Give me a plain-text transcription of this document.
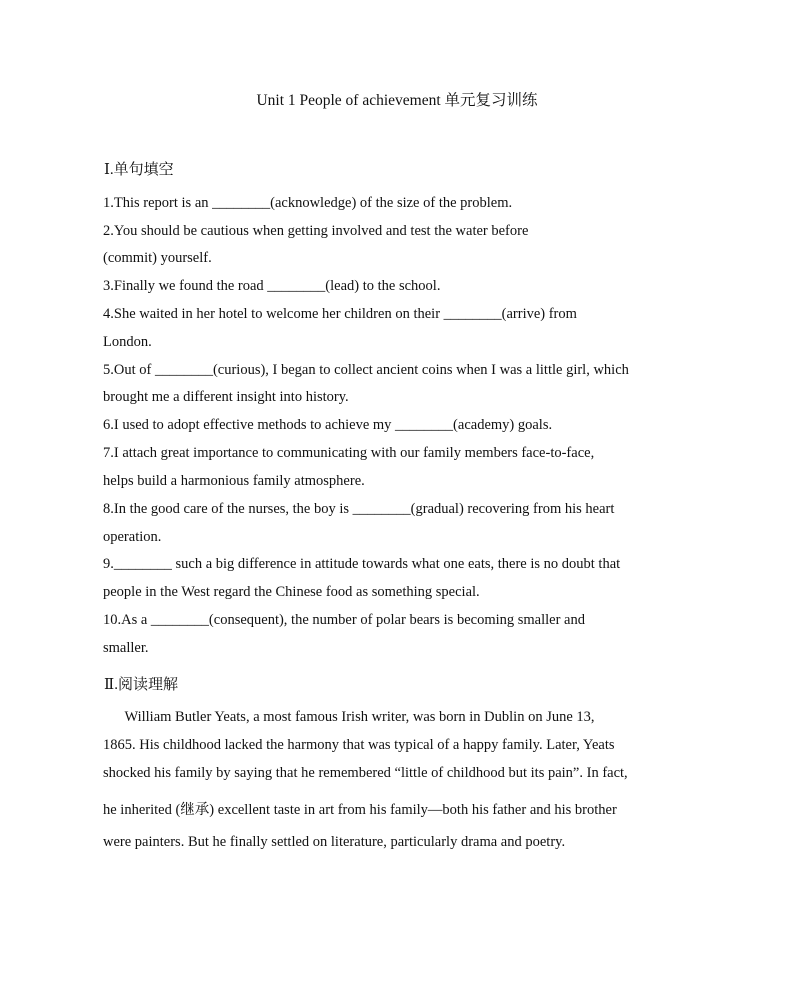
Unit 1 People of achievement 单元复习训练
Ⅰ.单句填空
1.This report is an ________(acknowledge) of the size of the problem.
2.You should be cautious when getting involved and test the water before
(commit) yourself.
3.Finally we found the road ________(lead) to the school.
4.She waited in her hotel to welcome her children on their ________(arrive) from
London.
5.Out of ________(curious), I began to collect ancient coins when I was a little girl, which
brought me a different insight into history.
6.I used to adopt effective methods to achieve my ________(academy) goals.
7.I attach great importance to communicating with our family members face-to-face,
helps build a harmonious family atmosphere.
8.In the good care of the nurses, the boy is ________(gradual) recovering from his heart
operation.
9.________ such a big difference in attitude towards what one eats, there is no doubt that
people in the West regard the Chinese food as something special.
10.As a ________(consequent), the number of polar bears is becoming smaller and
smaller.
Ⅱ.阅读理解
William Butler Yeats, a most famous Irish writer, was born in Dublin on June 13,
1865. His childhood lacked the harmony that was typical of a happy family. Later, Yeats
shocked his family by saying that he remembered “little of childhood but its pain”. In fact,
he inherited (继承) excellent taste in art from his family—both his father and his brother
were painters. But he finally settled on literature, particularly drama and poetry.
